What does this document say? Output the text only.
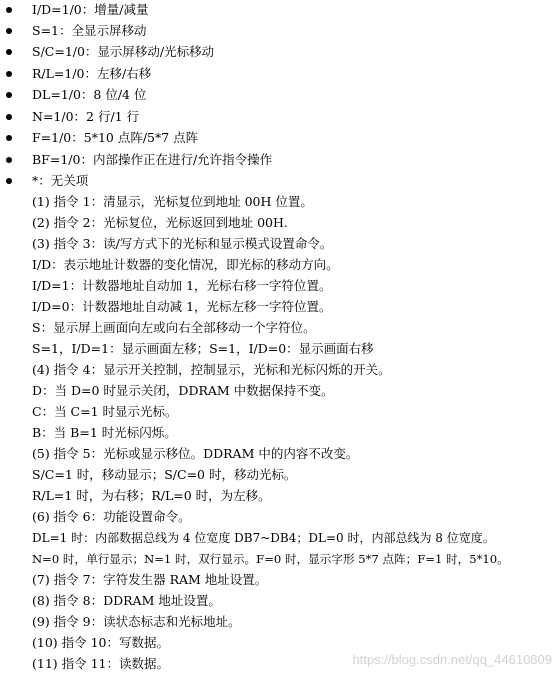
I/D=1/0：增量/减量
S=1：全显示屏移动
S/C=1/0：显示屏移动/光标移动
R/L=1/0：左移/右移
DL=1/0：8 位/4 位
N=1/0：2 行/1 行
F=1/0：5*10 点阵/5*7 点阵
BF=1/0：内部操作正在进行/允许指令操作
*：无关项
(1) 指令 1：清显示，光标复位到地址 00H 位置。
(2) 指令 2：光标复位，光标返回到地址 00H.
(3) 指令 3：读/写方式下的光标和显示模式设置命令。
I/D：表示地址计数器的变化情况，即光标的移动方向。
I/D=1：计数器地址自动加 1，光标右移一字符位置。
I/D=0：计数器地址自动减 1，光标左移一字符位置。
S：显示屏上画面向左或向右全部移动一个字符位。
S=1，I/D=1：显示画面左移；S=1，I/D=0：显示画面右移
(4) 指令 4：显示开关控制，控制显示，光标和光标闪烁的开关。
D：当 D=0 时显示关闭，DDRAM 中数据保持不变。
C：当 C=1 时显示光标。
B：当 B=1 时光标闪烁。
(5) 指令 5：光标或显示移位。DDRAM 中的内容不改变。
S/C=1 时，移动显示；S/C=0 时，移动光标。
R/L=1 时，为右移；R/L=0 时，为左移。
(6) 指令 6：功能设置命令。
DL=1 时：内部数据总线为 4 位宽度 DB7~DB4；DL=0 时，内部总线为 8 位宽度。
N=0 时，单行显示；N=1 时，双行显示。F=0 时，显示字形 5*7 点阵；F=1 时，5*10。
(7) 指令 7：字符发生器 RAM 地址设置。
(8) 指令 8：DDRAM 地址设置。
(9) 指令 9：读状态标志和光标地址。
(10) 指令 10：写数据。
(11) 指令 11：读数据。	https://blog.csdn.net/qq_44610809
